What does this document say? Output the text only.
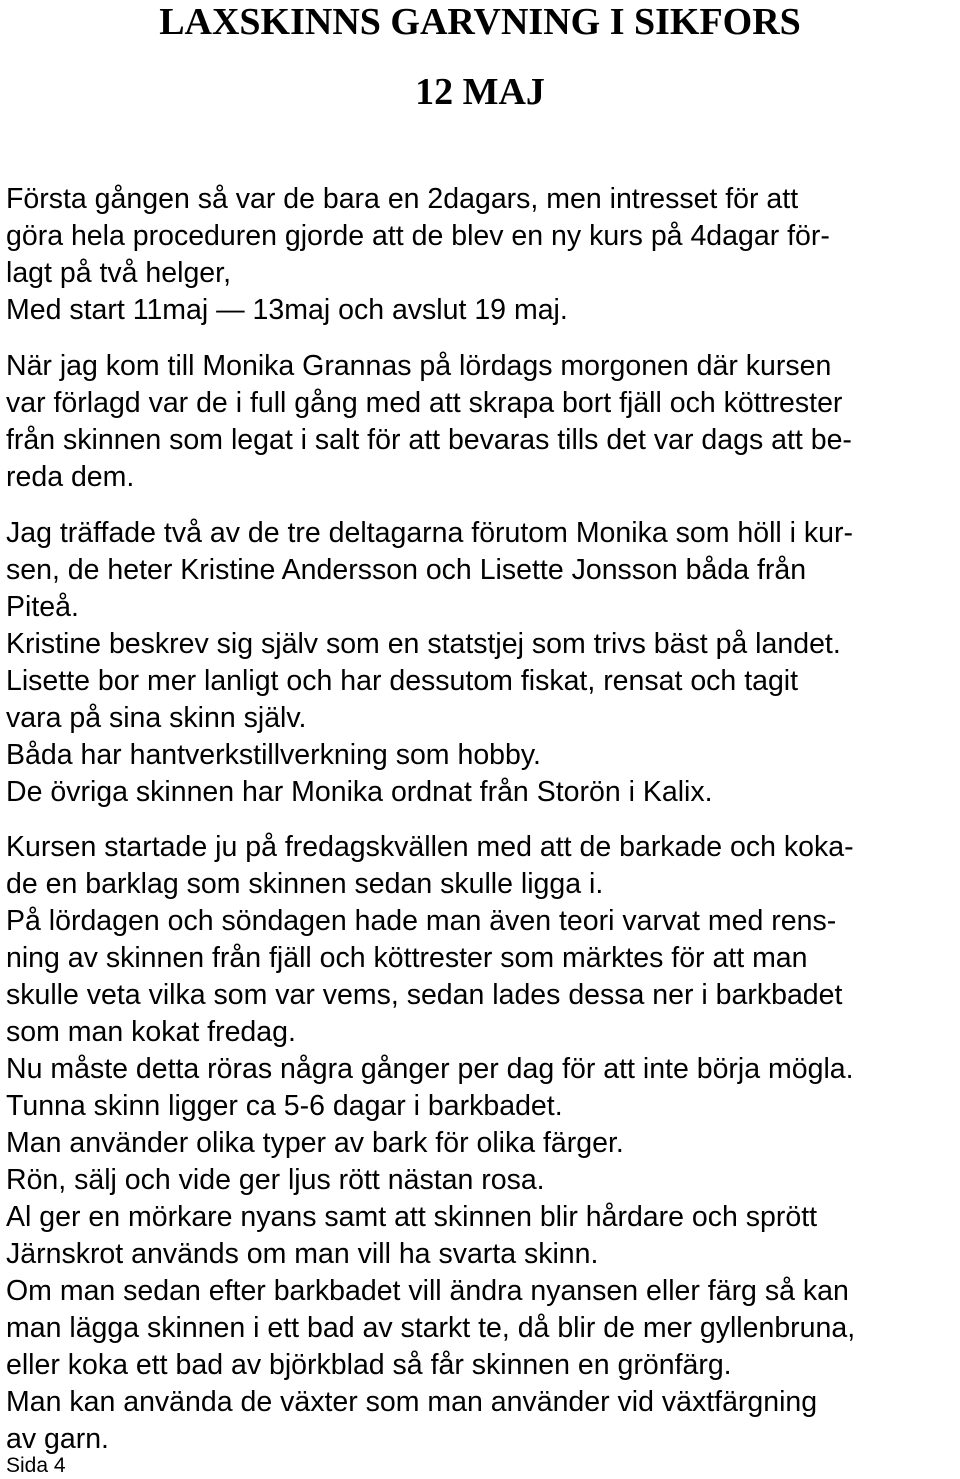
LAXSKINNS GARVNING I SIKFORS
12 MAJ

Första gången så var de bara en 2dagars, men intresset för att

göra hela proceduren gjorde att de blev en ny kurs på 4dagar för-

lagt på två helger,

Med start 11maj — 13maj och avslut 19 maj.

När jag kom till Monika Grannas på lördags morgonen där kursen

var förlagd var de i full gång med att skrapa bort fjäll och köttrester

från skinnen som legat i salt för att bevaras tills det var dags att be-

reda dem.

Jag träffade två av de tre deltagarna förutom Monika som höll i kur-

sen, de heter Kristine Andersson och Lisette Jonsson båda från

Piteå.

Kristine beskrev sig själv som en statstjej som trivs bäst på landet.

Lisette bor mer lanligt och har dessutom fiskat, rensat och tagit

vara på sina skinn själv.

Båda har hantverkstillverkning som hobby.

De övriga skinnen har Monika ordnat från Storön i Kalix.

Kursen startade ju på fredagskvällen med att de barkade och koka-

de en barklag som skinnen sedan skulle ligga i.

På lördagen och söndagen hade man även teori varvat med rens-

ning av skinnen från fjäll och köttrester som märktes för att man

skulle veta vilka som var vems, sedan lades dessa ner i barkbadet

som man kokat fredag.

Nu måste detta röras några gånger per dag för att inte börja mögla.

Tunna skinn ligger ca 5-6 dagar i barkbadet.

Man använder olika typer av bark för olika färger.

Rön, sälj och vide ger ljus rött nästan rosa.

Al ger en mörkare nyans samt att skinnen blir hårdare och sprött

Järnskrot används om man vill ha svarta skinn.

Om man sedan efter barkbadet vill ändra nyansen eller färg så kan

man lägga skinnen i ett bad av starkt te, då blir de mer gyllenbruna,

eller koka ett bad av björkblad så får skinnen en grönfärg.

Man kan använda de växter som man använder vid växtfärgning

av garn.

Sida 4
